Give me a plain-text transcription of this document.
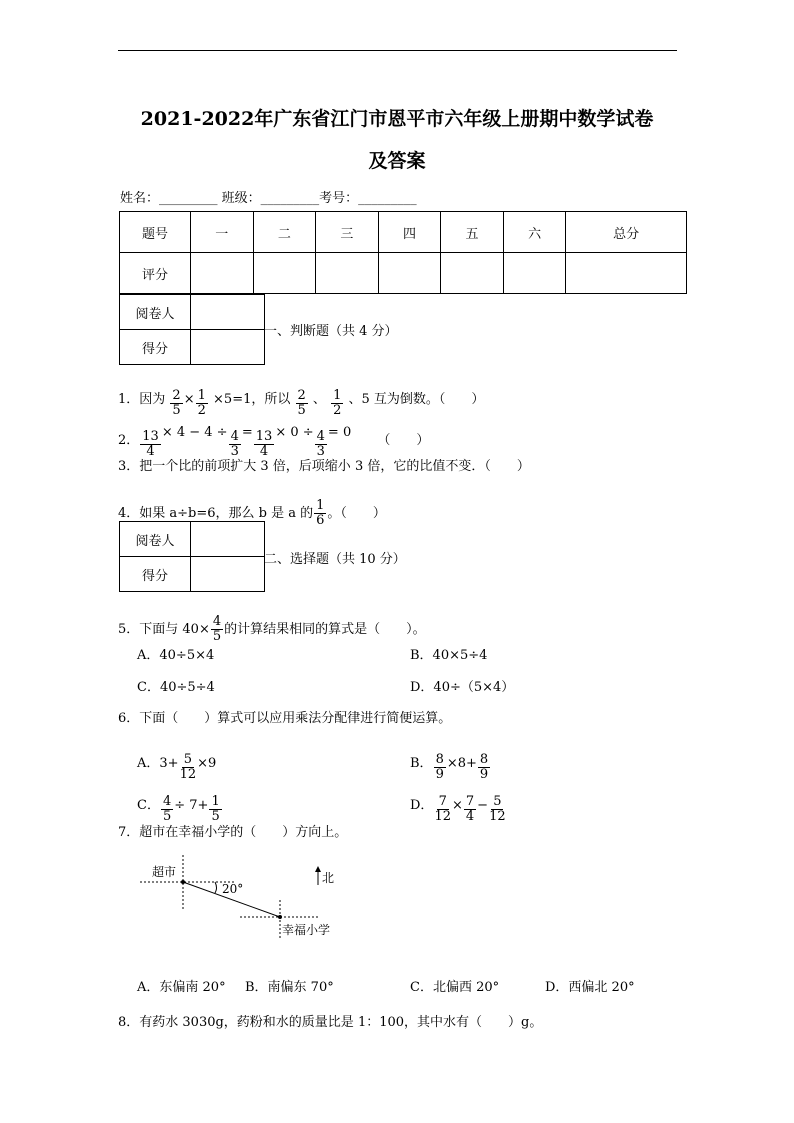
2021-2022年广东省江门市恩平市六年级上册期中数学试卷
及答案
姓名：_________ 班级：_________考号：_________
题号	一	二	三	四	五	六	总分
评分							
阅卷人	
得分	
一、判断题（共 4 分）
1．因为 $\frac{2}{5} \times \frac{1}{2} \times 5=1$，所以 $\frac{2}{5}$ 、 $\frac{1}{2}$ 、5 互为倒数。（　　）
2． $\frac{13}{4} \times 4 - 4 \div \frac{4}{3} = \frac{13}{4} \times 0 \div \frac{4}{3} = 0$ （　　）
3．把一个比的前项扩大 3 倍，后项缩小 3 倍，它的比值不变．（　　）
4．如果 a÷b=6，那么 b 是 a 的 $\frac{1}{6}$ 。（　　）
阅卷人	
得分	
二、选择题（共 10 分）
5．下面与 $40\times \frac{4}{5}$ 的计算结果相同的算式是（　　）。
A．40÷5×4	B．40×5÷4
C．40÷5÷4	D．40÷（5×4）
6．下面（　　）算式可以应用乘法分配律进行简便运算。
A．$3+ \frac{5}{12} \times 9$	B． $\frac{8}{9} \times 8+ \frac{8}{9}$
C． $\frac{4}{5} \div 7+ \frac{1}{5}$	D． $\frac{7}{12} \times \frac{7}{4} - \frac{5}{12}$
7．超市在幸福小学的（　　）方向上。
超市
20°
北
幸福小学
A．东偏南 20° B．南偏东 70°	C．北偏西 20°	D．西偏北 20°
8．有药水 3030g，药粉和水的质量比是 1：100，其中水有（　　）g。
